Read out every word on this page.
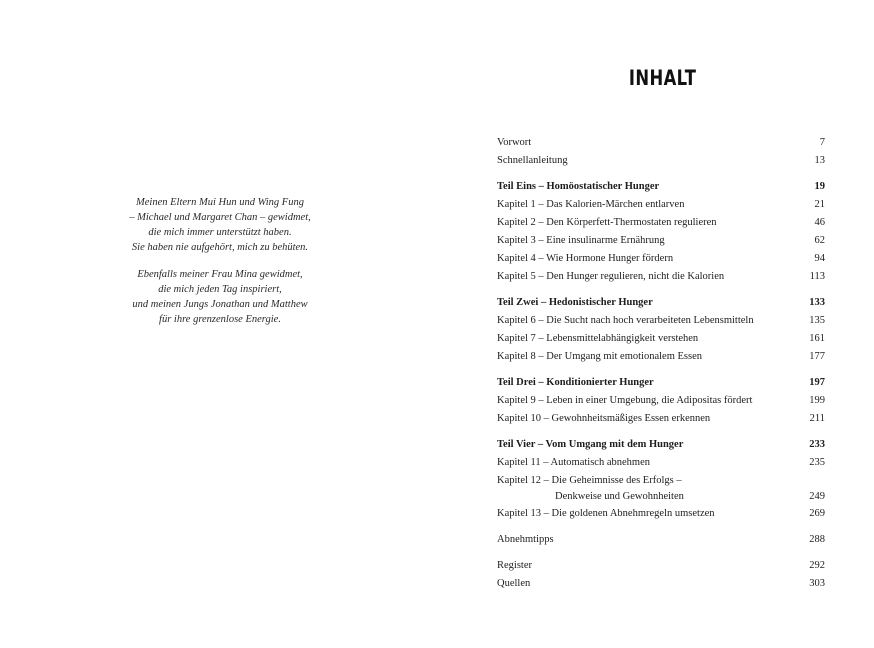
Meinen Eltern Mui Hun und Wing Fung
– Michael und Margaret Chan – gewidmet,
die mich immer unterstützt haben.
Sie haben nie aufgehört, mich zu behüten.

Ebenfalls meiner Frau Mina gewidmet,
die mich jeden Tag inspiriert,
und meinen Jungs Jonathan und Matthew
für ihre grenzenlose Energie.

INHALT
Vorwort	7
Schnellanleitung	13
Teil Eins – Homöostatischer Hunger	19
Kapitel 1 – Das Kalorien-Märchen entlarven	21
Kapitel 2 – Den Körperfett-Thermostaten regulieren	46
Kapitel 3 – Eine insulinarme Ernährung	62
Kapitel 4 – Wie Hormone Hunger fördern	94
Kapitel 5 – Den Hunger regulieren, nicht die Kalorien	113
Teil Zwei – Hedonistischer Hunger	133
Kapitel 6 – Die Sucht nach hoch verarbeiteten Lebensmitteln	135
Kapitel 7 – Lebensmittelabhängigkeit verstehen	161
Kapitel 8 – Der Umgang mit emotionalem Essen	177
Teil Drei – Konditionierter Hunger	197
Kapitel 9 – Leben in einer Umgebung, die Adipositas fördert	199
Kapitel 10 – Gewohnheitsmäßiges Essen erkennen	211
Teil Vier – Vom Umgang mit dem Hunger	233
Kapitel 11 – Automatisch abnehmen	235
Kapitel 12 – Die Geheimnisse des Erfolgs –
Denkweise und Gewohnheiten	249
Kapitel 13 – Die goldenen Abnehmregeln umsetzen	269
Abnehmtipps	288
Register	292
Quellen	303
